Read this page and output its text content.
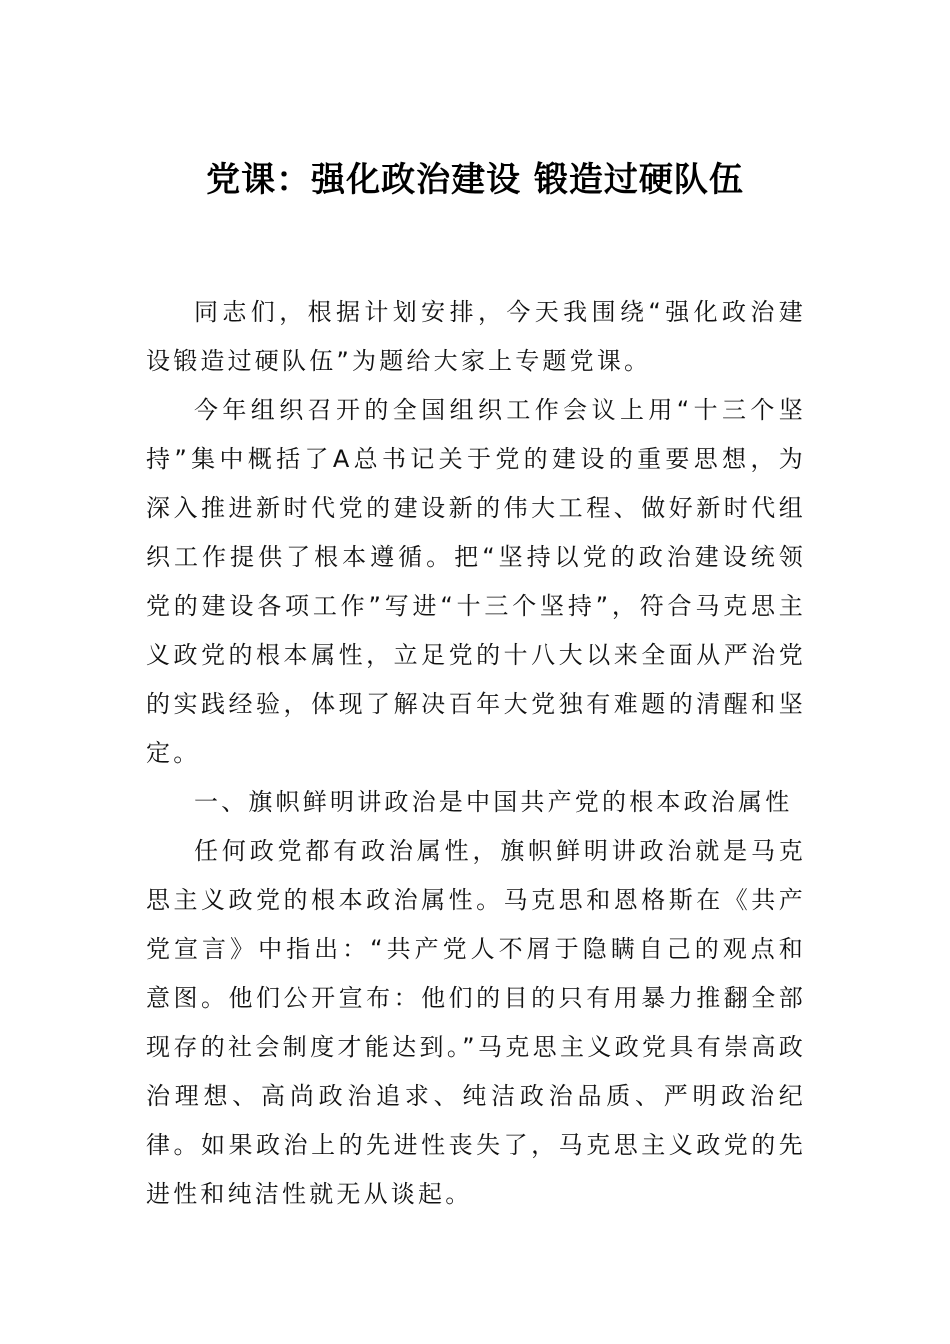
党课：强化政治建设 锻造过硬队伍

同志们，根据计划安排，今天我围绕“强化政治建设锻造过硬队伍”为题给大家上专题党课。

今年组织召开的全国组织工作会议上用“十三个坚持”集中概括了A总书记关于党的建设的重要思想，为深入推进新时代党的建设新的伟大工程、做好新时代组织工作提供了根本遵循。把“坚持以党的政治建设统领党的建设各项工作”写进“十三个坚持”，符合马克思主义政党的根本属性，立足党的十八大以来全面从严治党的实践经验，体现了解决百年大党独有难题的清醒和坚定。

一、旗帜鲜明讲政治是中国共产党的根本政治属性

任何政党都有政治属性，旗帜鲜明讲政治就是马克思主义政党的根本政治属性。马克思和恩格斯在《共产党宣言》中指出：“共产党人不屑于隐瞒自己的观点和意图。他们公开宣布：他们的目的只有用暴力推翻全部现存的社会制度才能达到。”马克思主义政党具有崇高政治理想、高尚政治追求、纯洁政治品质、严明政治纪律。如果政治上的先进性丧失了，马克思主义政党的先进性和纯洁性就无从谈起。
